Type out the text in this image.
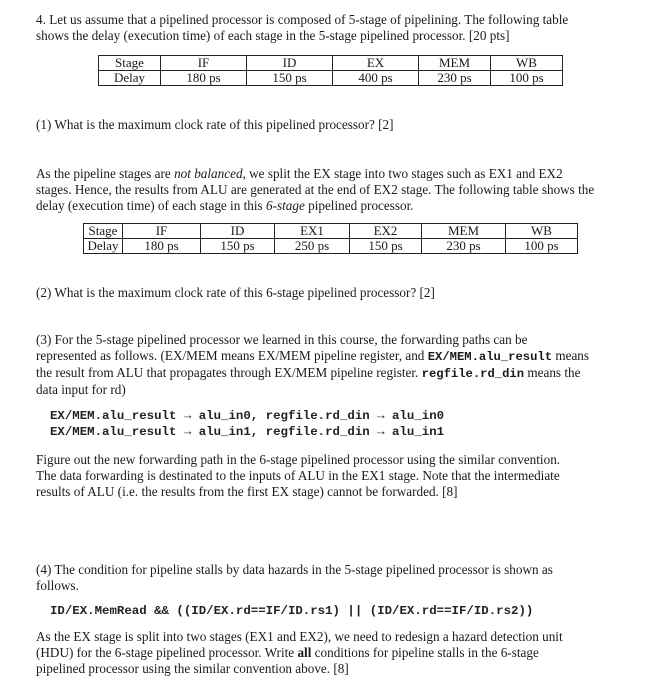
4. Let us assume that a pipelined processor is composed of 5-stage of pipelining. The following table
shows the delay (execution time) of each stage in the 5-stage pipelined processor. [20 pts]
Stage	IF	ID	EX	MEM	WB
Delay	180 ps	150 ps	400 ps	230 ps	100 ps
(1) What is the maximum clock rate of this pipelined processor? [2]
As the pipeline stages are not balanced, we split the EX stage into two stages such as EX1 and EX2
stages. Hence, the results from ALU are generated at the end of EX2 stage. The following table shows the
delay (execution time) of each stage in this 6-stage pipelined processor.
Stage	IF	ID	EX1	EX2	MEM	WB
Delay	180 ps	150 ps	250 ps	150 ps	230 ps	100 ps
(2) What is the maximum clock rate of this 6-stage pipelined processor? [2]
(3) For the 5-stage pipelined processor we learned in this course, the forwarding paths can be
represented as follows. (EX/MEM means EX/MEM pipeline register, and EX/MEM.alu_result means
the result from ALU that propagates through EX/MEM pipeline register. regfile.rd_din means the
data input for rd)
EX/MEM.alu_result → alu_in0, regfile.rd_din → alu_in0
EX/MEM.alu_result → alu_in1, regfile.rd_din → alu_in1
Figure out the new forwarding path in the 6-stage pipelined processor using the similar convention.
The data forwarding is destinated to the inputs of ALU in the EX1 stage. Note that the intermediate
results of ALU (i.e. the results from the first EX stage) cannot be forwarded. [8]
(4) The condition for pipeline stalls by data hazards in the 5-stage pipelined processor is shown as
follows.
ID/EX.MemRead && ((ID/EX.rd==IF/ID.rs1) || (ID/EX.rd==IF/ID.rs2))
As the EX stage is split into two stages (EX1 and EX2), we need to redesign a hazard detection unit
(HDU) for the 6-stage pipelined processor. Write all conditions for pipeline stalls in the 6-stage
pipelined processor using the similar convention above. [8]
